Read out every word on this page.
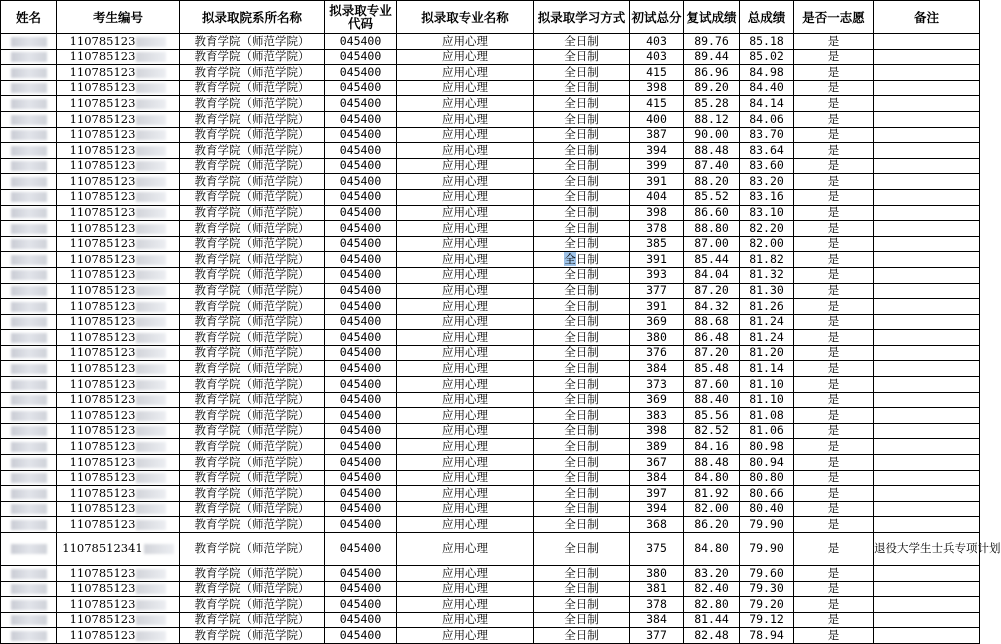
姓名	考生编号	拟录取院系所名称	拟录取专业代码	拟录取专业名称	拟录取学习方式	初试总分	复试成绩	总成绩	是否一志愿	备注
	110785123	教育学院（师范学院）	045400	应用心理	全日制	403	89.76	85.18	是	
	110785123	教育学院（师范学院）	045400	应用心理	全日制	403	89.44	85.02	是	
	110785123	教育学院（师范学院）	045400	应用心理	全日制	415	86.96	84.98	是	
	110785123	教育学院（师范学院）	045400	应用心理	全日制	398	89.20	84.40	是	
	110785123	教育学院（师范学院）	045400	应用心理	全日制	415	85.28	84.14	是	
	110785123	教育学院（师范学院）	045400	应用心理	全日制	400	88.12	84.06	是	
	110785123	教育学院（师范学院）	045400	应用心理	全日制	387	90.00	83.70	是	
	110785123	教育学院（师范学院）	045400	应用心理	全日制	394	88.48	83.64	是	
	110785123	教育学院（师范学院）	045400	应用心理	全日制	399	87.40	83.60	是	
	110785123	教育学院（师范学院）	045400	应用心理	全日制	391	88.20	83.20	是	
	110785123	教育学院（师范学院）	045400	应用心理	全日制	404	85.52	83.16	是	
	110785123	教育学院（师范学院）	045400	应用心理	全日制	398	86.60	83.10	是	
	110785123	教育学院（师范学院）	045400	应用心理	全日制	378	88.80	82.20	是	
	110785123	教育学院（师范学院）	045400	应用心理	全日制	385	87.00	82.00	是	
	110785123	教育学院（师范学院）	045400	应用心理	全日制	391	85.44	81.82	是	
	110785123	教育学院（师范学院）	045400	应用心理	全日制	393	84.04	81.32	是	
	110785123	教育学院（师范学院）	045400	应用心理	全日制	377	87.20	81.30	是	
	110785123	教育学院（师范学院）	045400	应用心理	全日制	391	84.32	81.26	是	
	110785123	教育学院（师范学院）	045400	应用心理	全日制	369	88.68	81.24	是	
	110785123	教育学院（师范学院）	045400	应用心理	全日制	380	86.48	81.24	是	
	110785123	教育学院（师范学院）	045400	应用心理	全日制	376	87.20	81.20	是	
	110785123	教育学院（师范学院）	045400	应用心理	全日制	384	85.48	81.14	是	
	110785123	教育学院（师范学院）	045400	应用心理	全日制	373	87.60	81.10	是	
	110785123	教育学院（师范学院）	045400	应用心理	全日制	369	88.40	81.10	是	
	110785123	教育学院（师范学院）	045400	应用心理	全日制	383	85.56	81.08	是	
	110785123	教育学院（师范学院）	045400	应用心理	全日制	398	82.52	81.06	是	
	110785123	教育学院（师范学院）	045400	应用心理	全日制	389	84.16	80.98	是	
	110785123	教育学院（师范学院）	045400	应用心理	全日制	367	88.48	80.94	是	
	110785123	教育学院（师范学院）	045400	应用心理	全日制	384	84.80	80.80	是	
	110785123	教育学院（师范学院）	045400	应用心理	全日制	397	81.92	80.66	是	
	110785123	教育学院（师范学院）	045400	应用心理	全日制	394	82.00	80.40	是	
	110785123	教育学院（师范学院）	045400	应用心理	全日制	368	86.20	79.90	是	
	11078512341	教育学院（师范学院）	045400	应用心理	全日制	375	84.80	79.90	是	退役大学生士兵专项计划
	110785123	教育学院（师范学院）	045400	应用心理	全日制	380	83.20	79.60	是	
	110785123	教育学院（师范学院）	045400	应用心理	全日制	381	82.40	79.30	是	
	110785123	教育学院（师范学院）	045400	应用心理	全日制	378	82.80	79.20	是	
	110785123	教育学院（师范学院）	045400	应用心理	全日制	384	81.44	79.12	是	
	110785123	教育学院（师范学院）	045400	应用心理	全日制	377	82.48	78.94	是	
